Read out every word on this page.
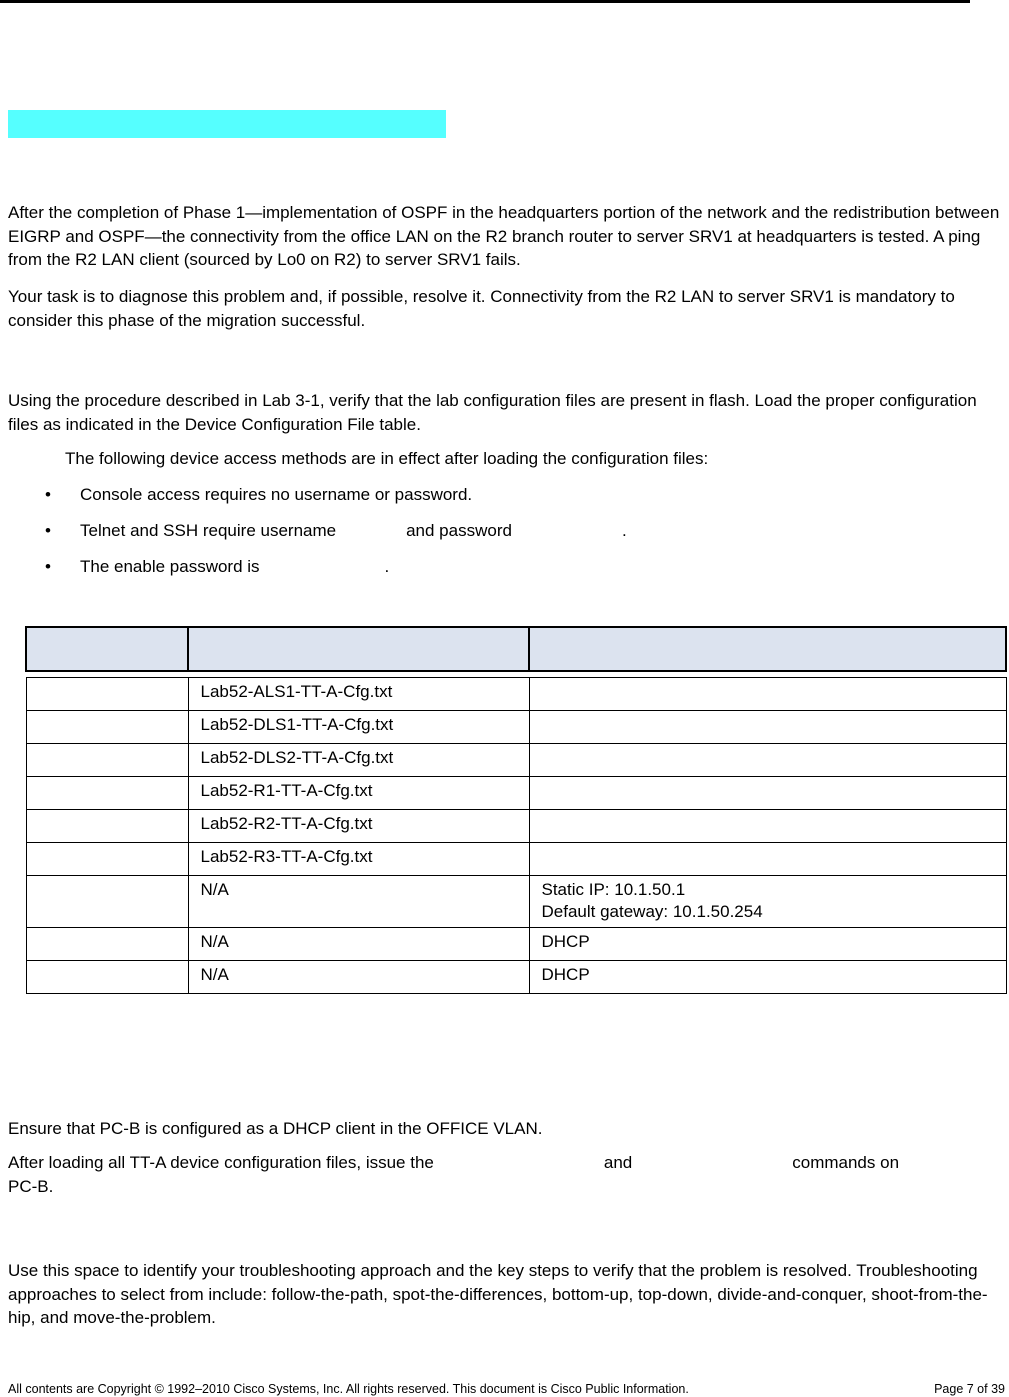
After the completion of Phase 1—implementation of OSPF in the headquarters portion of the network and the redistribution between EIGRP and OSPF—the connectivity from the office LAN on the R2 branch router to server SRV1 at headquarters is tested. A ping from the R2 LAN client (sourced by Lo0 on R2) to server SRV1 fails.

Your task is to diagnose this problem and, if possible, resolve it. Connectivity from the R2 LAN to server SRV1 is mandatory to consider this phase of the migration successful.

Using the procedure described in Lab 3-1, verify that the lab configuration files are present in flash. Load the proper configuration files as indicated in the Device Configuration File table.

The following device access methods are in effect after loading the configuration files:
• Console access requires no username or password.
• Telnet and SSH require username	and password	.
• The enable password is	.

	Lab52-ALS1-TT-A-Cfg.txt	
	Lab52-DLS1-TT-A-Cfg.txt	
	Lab52-DLS2-TT-A-Cfg.txt	
	Lab52-R1-TT-A-Cfg.txt	
	Lab52-R2-TT-A-Cfg.txt	
	Lab52-R3-TT-A-Cfg.txt	
	N/A	Static IP: 10.1.50.1
Default gateway: 10.1.50.254

	N/A	DHCP
	N/A	DHCP

Ensure that PC-B is configured as a DHCP client in the OFFICE VLAN.

After loading all TT-A device configuration files, issue the	and	commands on
PC-B.

Use this space to identify your troubleshooting approach and the key steps to verify that the problem is resolved. Troubleshooting approaches to select from include: follow-the-path, spot-the-differences, bottom-up, top-down, divide-and-conquer, shoot-from-the-hip, and move-the-problem.

All contents are Copyright © 1992–2010 Cisco Systems, Inc. All rights reserved. This document is Cisco Public Information.	Page 7 of 39
